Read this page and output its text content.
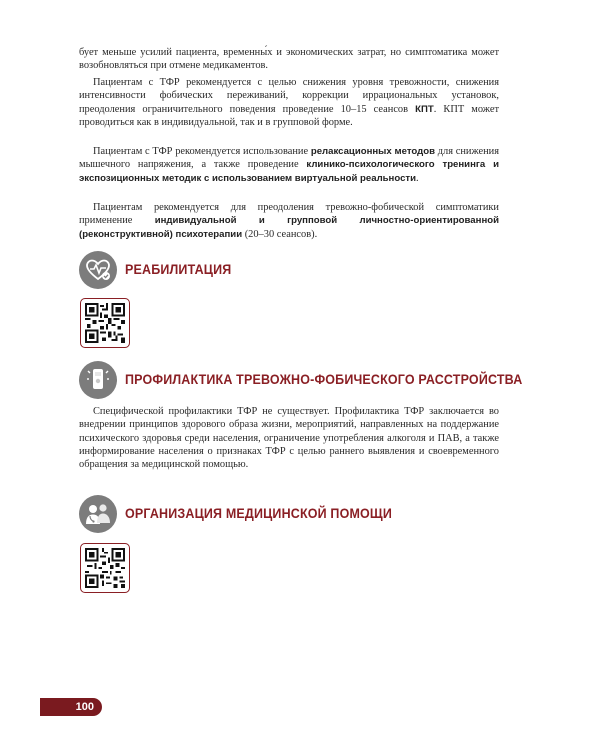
бует меньше усилий пациента, временны́х и экономических затрат, но симптоматика может возобновляться при отмене медикаментов.

Пациентам с ТФР рекомендуется с целью снижения уровня тревожности, снижения интенсивности фобических переживаний, коррекции иррациональных установок, преодоления ограничительного поведения проведение 10–15 сеансов КПТ. КПТ может проводиться как в индивидуальной, так и в групповой форме.

Пациентам с ТФР рекомендуется использование релаксационных методов для снижения мышечного напряжения, а также проведение клинико-психологического тренинга и экспозиционных методик с использованием виртуальной реальности.

Пациентам рекомендуется для преодоления тревожно-фобической симптоматики применение индивидуальной и групповой личностно-ориентированной (реконструктивной) психотерапии (20–30 сеансов).

РЕАБИЛИТАЦИЯ
ПРОФИЛАКТИКА ТРЕВОЖНО-ФОБИЧЕСКОГО РАССТРОЙСТВА

Специфической профилактики ТФР не существует. Профилактика ТФР заключается во внедрении принципов здорового образа жизни, мероприятий, направленных на поддержание психического здоровья среди населения, ограничение употребления алкоголя и ПАВ, а также информирование населения о признаках ТФР с целью раннего выявления и своевременного обращения за медицинской помощью.

ОРГАНИЗАЦИЯ МЕДИЦИНСКОЙ ПОМОЩИ
100
